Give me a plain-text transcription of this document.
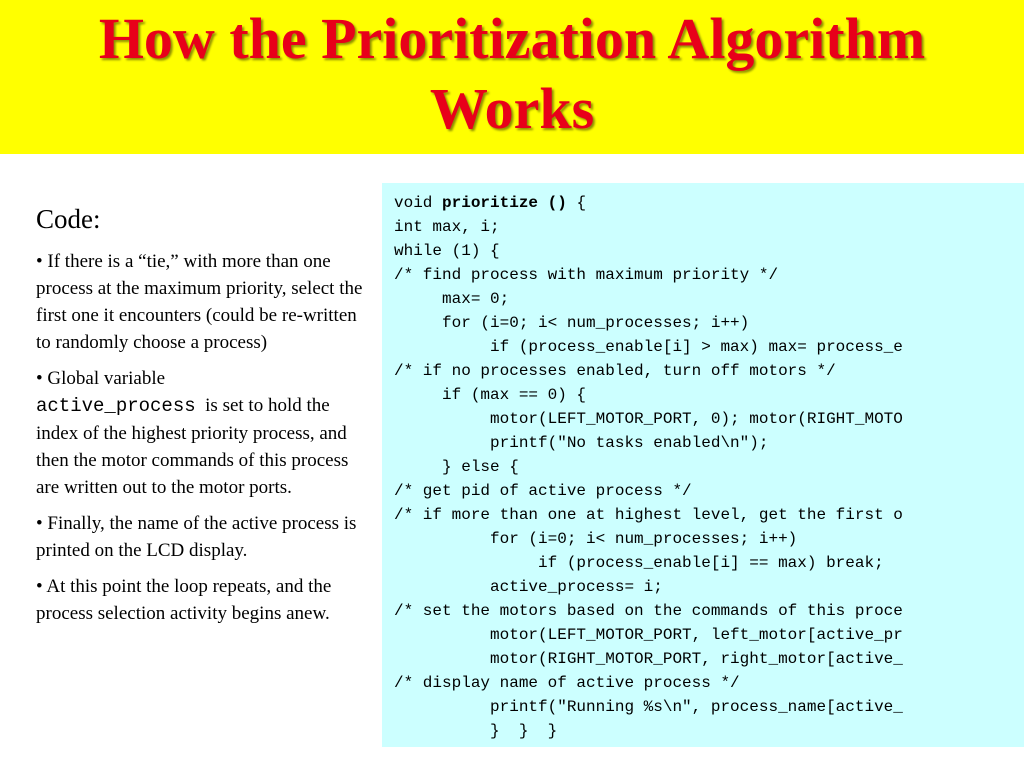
How the Prioritization Algorithm
Works
Code:
• If there is a “tie,” with more than one process at the maximum priority, select the first one it encounters (could be re-written to randomly choose a process)
• Global variable
active_process is set to hold the index of the highest priority process, and then the motor commands of this process are written out to the motor ports.
• Finally, the name of the active process is printed on the LCD display.
• At this point the loop repeats, and the process selection activity begins anew.
void prioritize () {
int max, i;
while (1) {
/* find process with maximum priority */
max= 0;
for (i=0; i< num_processes; i++)
if (process_enable[i] > max) max= process_e
/* if no processes enabled, turn off motors */
if (max == 0) {
motor(LEFT_MOTOR_PORT, 0); motor(RIGHT_MOTO
printf("No tasks enabled\n");
} else {
/* get pid of active process */
/* if more than one at highest level, get the first o
for (i=0; i< num_processes; i++)
if (process_enable[i] == max) break;
active_process= i;
/* set the motors based on the commands of this proce
motor(LEFT_MOTOR_PORT, left_motor[active_pr
motor(RIGHT_MOTOR_PORT, right_motor[active_
/* display name of active process */
printf("Running %s\n", process_name[active_
}  }  }
